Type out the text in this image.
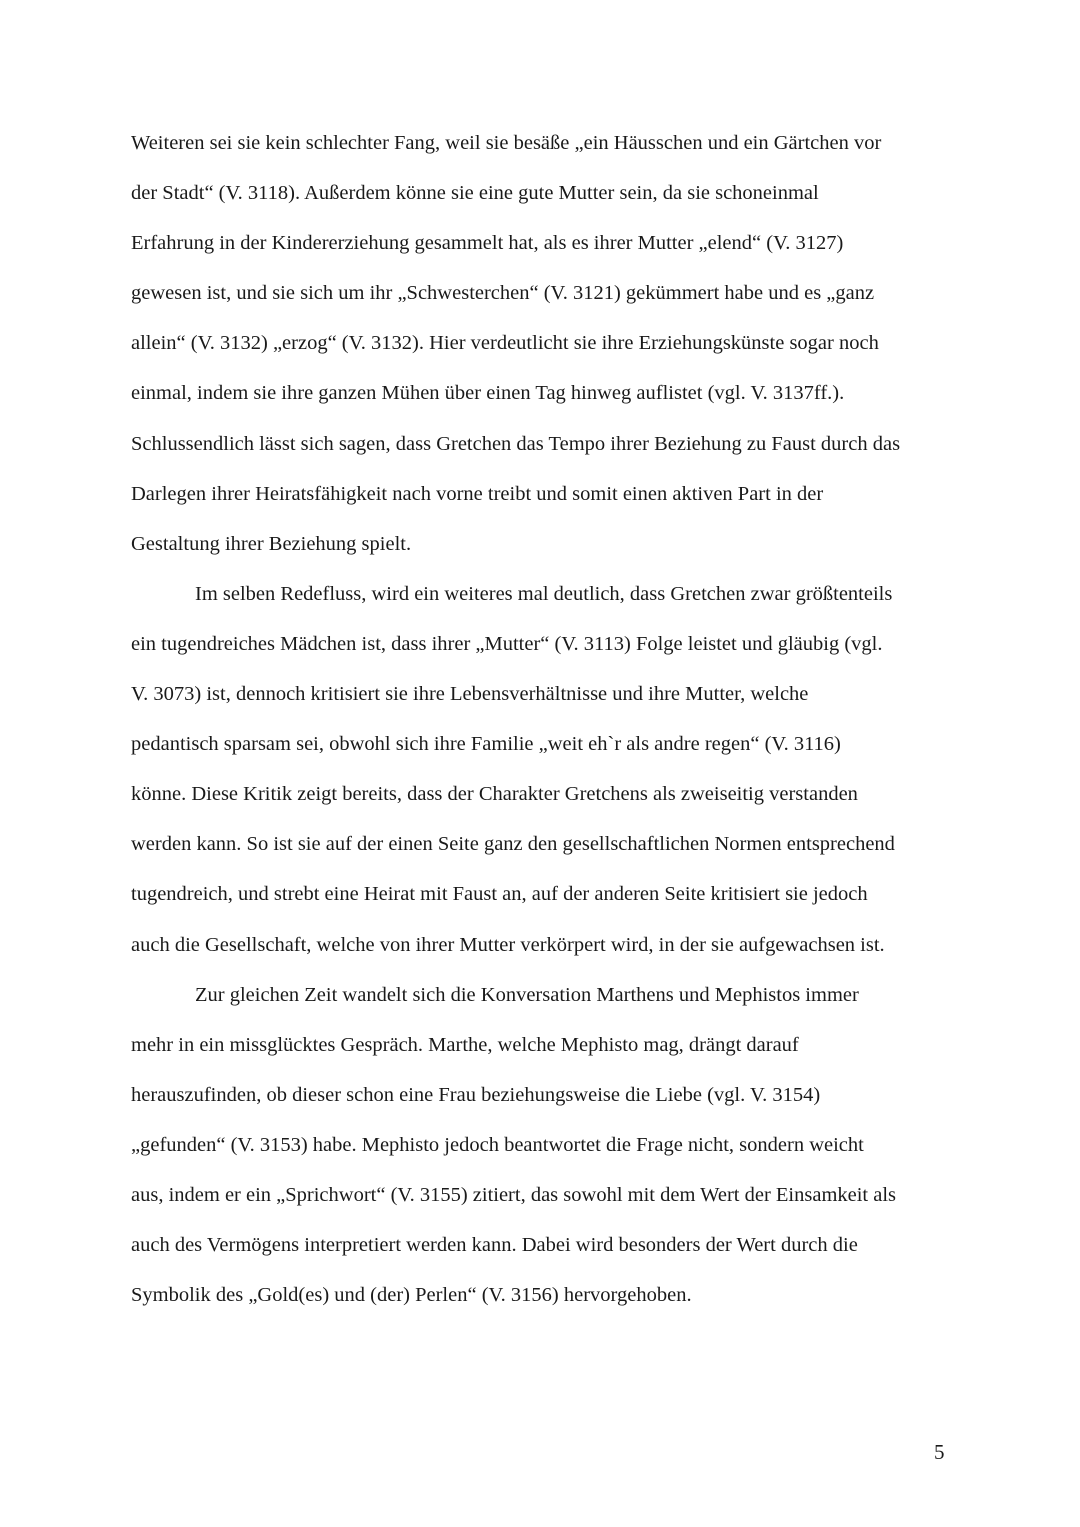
Weiteren sei sie kein schlechter Fang, weil sie besäße „ein Häusschen und ein Gärtchen vor
der Stadt“ (V. 3118). Außerdem könne sie eine gute Mutter sein, da sie schoneinmal
Erfahrung in der Kindererziehung gesammelt hat, als es ihrer Mutter „elend“ (V. 3127)
gewesen ist, und sie sich um ihr „Schwesterchen“ (V. 3121) gekümmert habe und es „ganz
allein“ (V. 3132) „erzog“ (V. 3132). Hier verdeutlicht sie ihre Erziehungskünste sogar noch
einmal, indem sie ihre ganzen Mühen über einen Tag hinweg auflistet (vgl. V. 3137ff.).
Schlussendlich lässt sich sagen, dass Gretchen das Tempo ihrer Beziehung zu Faust durch das
Darlegen ihrer Heiratsfähigkeit nach vorne treibt und somit einen aktiven Part in der
Gestaltung ihrer Beziehung spielt.
Im selben Redefluss, wird ein weiteres mal deutlich, dass Gretchen zwar größtenteils
ein tugendreiches Mädchen ist, dass ihrer „Mutter“ (V. 3113) Folge leistet und gläubig (vgl.
V. 3073) ist, dennoch kritisiert sie ihre Lebensverhältnisse und ihre Mutter, welche
pedantisch sparsam sei, obwohl sich ihre Familie „weit eh`r als andre regen“ (V. 3116)
könne. Diese Kritik zeigt bereits, dass der Charakter Gretchens als zweiseitig verstanden
werden kann. So ist sie auf der einen Seite ganz den gesellschaftlichen Normen entsprechend
tugendreich, und strebt eine Heirat mit Faust an, auf der anderen Seite kritisiert sie jedoch
auch die Gesellschaft, welche von ihrer Mutter verkörpert wird, in der sie aufgewachsen ist.
Zur gleichen Zeit wandelt sich die Konversation Marthens und Mephistos immer
mehr in ein missglücktes Gespräch. Marthe, welche Mephisto mag, drängt darauf
herauszufinden, ob dieser schon eine Frau beziehungsweise die Liebe (vgl. V. 3154)
„gefunden“ (V. 3153) habe. Mephisto jedoch beantwortet die Frage nicht, sondern weicht
aus, indem er ein „Sprichwort“ (V. 3155) zitiert, das sowohl mit dem Wert der Einsamkeit als
auch des Vermögens interpretiert werden kann. Dabei wird besonders der Wert durch die
Symbolik des „Gold(es) und (der) Perlen“ (V. 3156) hervorgehoben.
5
